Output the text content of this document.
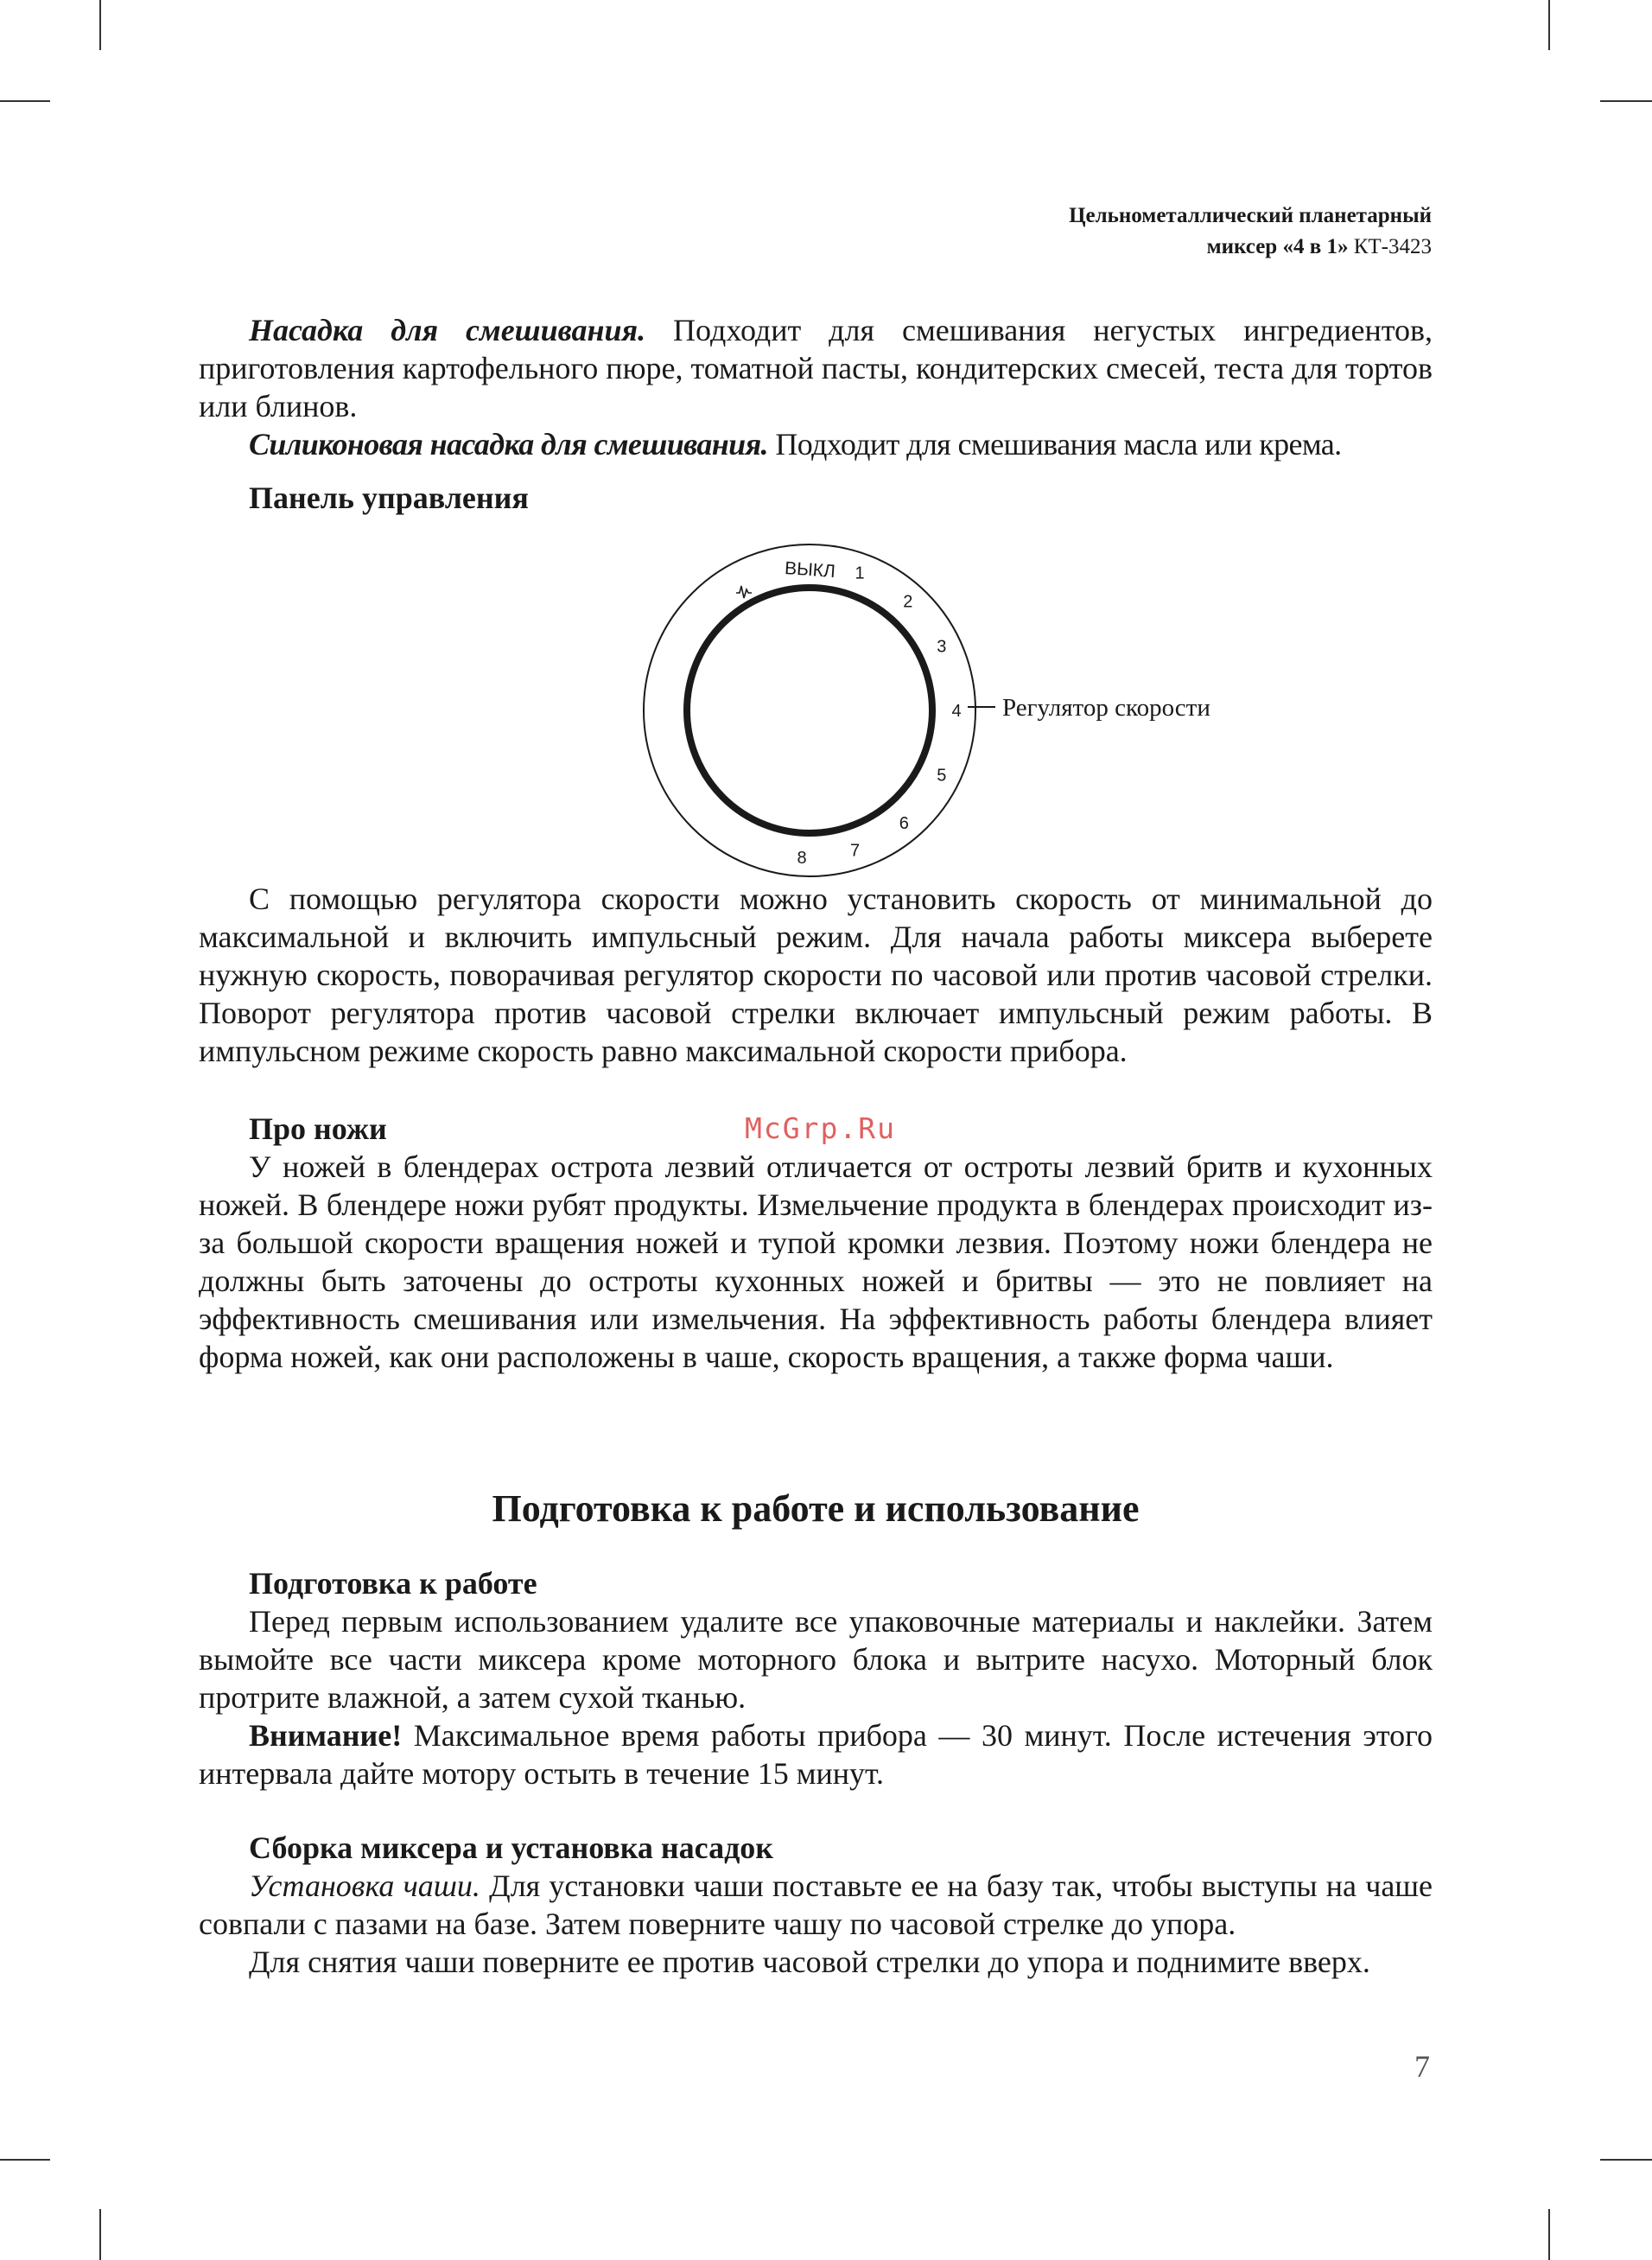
Цельнометаллический планетарный
миксер «4 в 1» КТ-3423

Насадка для смешивания. Подходит для смешивания негустых ингредиентов, приготовления картофельного пюре, томатной пасты, кондитерских смесей, теста для тортов или блинов.

Силиконовая насадка для смешивания. Подходит для смешивания масла или крема.

Панель управления

С помощью регулятора скорости можно установить скорость от минимальной до максимальной и включить импульсный режим. Для начала работы миксера выберете нужную скорость, поворачивая регулятор скорости по часовой или против часовой стрелки. Поворот регулятора против часовой стрелки включает импульсный режим работы. В импульсном режиме скорость равно максимальной скорости прибора.

Про ножи

У ножей в блендерах острота лезвий отличается от остроты лезвий бритв и кухонных ножей. В блендере ножи рубят продукты. Измельчение продукта в блендерах происходит из-за большой скорости вращения ножей и тупой кромки лезвия. Поэтому ножи блендера не должны быть заточены до остроты кухонных ножей и бритвы — это не повлияет на эффективность смешивания или измельчения. На эффективность работы блендера влияет форма ножей, как они расположены в чаше, скорость вращения, а также форма чаши.

Подготовка к работе и использование
Подготовка к работе

Перед первым использованием удалите все упаковочные материалы и наклейки. Затем вымойте все части миксера кроме моторного блока и вытрите насухо. Моторный блок протрите влажной, а затем сухой тканью.

Внимание! Максимальное время работы прибора — 30 минут. После истечения этого интервала дайте мотору остыть в течение 15 минут.

Сборка миксера и установка насадок

Установка чаши. Для установки чаши поставьте ее на базу так, чтобы выступы на чаше совпали с пазами на базе. Затем поверните чашу по часовой стрелке до упора.

Для снятия чаши поверните ее против часовой стрелки до упора и поднимите вверх.

ВЫКЛ 1
2
3
4
5
6
7
8
Регулятор скорости
McGrp.Ru
7
